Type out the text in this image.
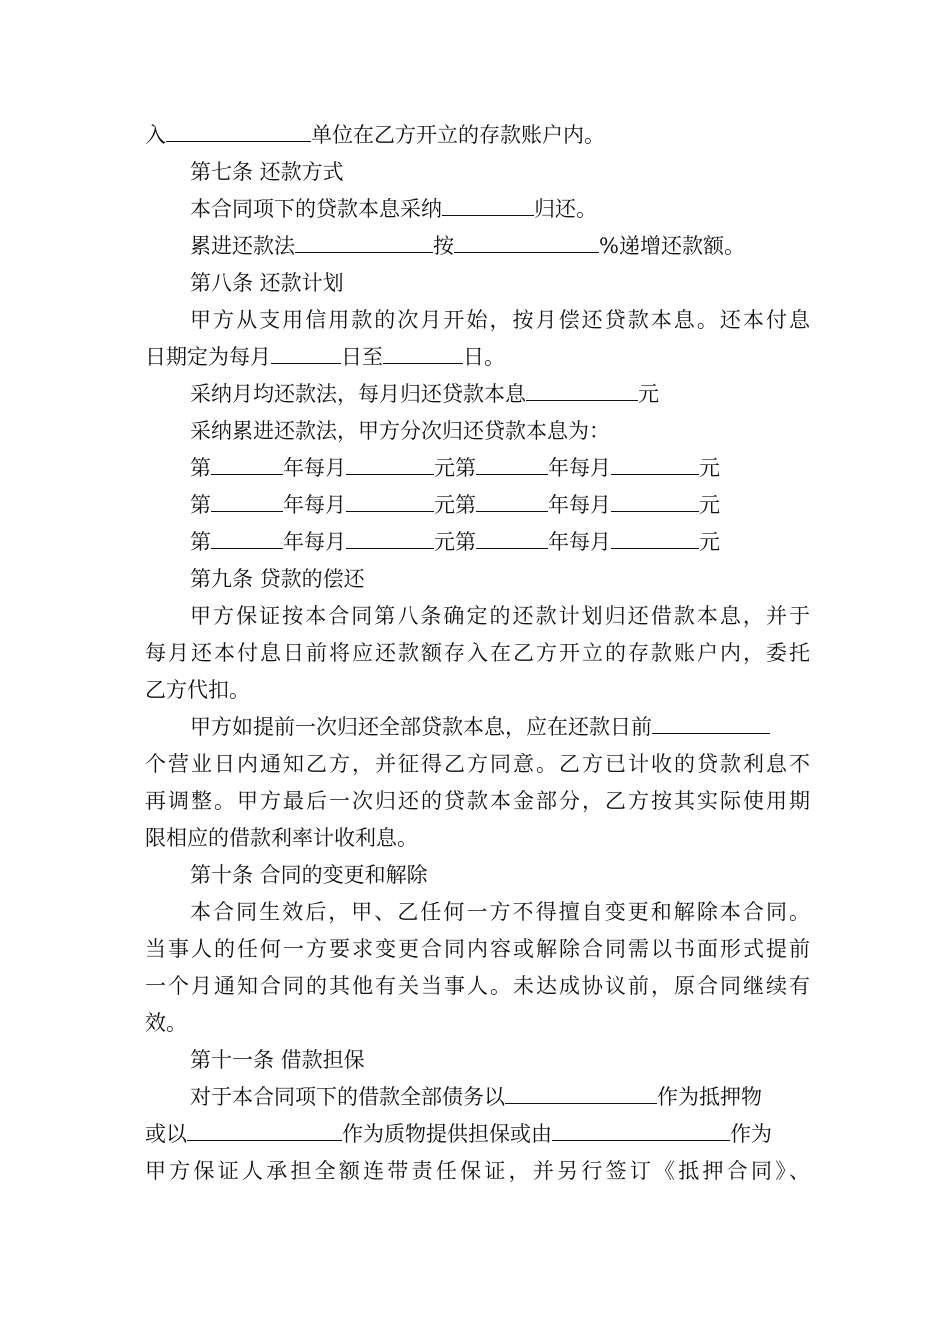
入	单位在乙方开立的存款账户内。
第七条 还款方式
本合同项下的贷款本息采纳	归还。
累进还款法	按	%递增还款额。
第八条 还款计划
甲方从支用信用款的次月开始，按月偿还贷款本息。还本付息
日期定为每月	日至	日。
采纳月均还款法，每月归还贷款本息	元
采纳累进还款法，甲方分次归还贷款本息为：
第	年每月	元第	年每月	元
第	年每月	元第	年每月	元
第	年每月	元第	年每月	元
第九条 贷款的偿还
甲方保证按本合同第八条确定的还款计划归还借款本息，并于
每月还本付息日前将应还款额存入在乙方开立的存款账户内，委托
乙方代扣。
甲方如提前一次归还全部贷款本息，应在还款日前
个营业日内通知乙方，并征得乙方同意。乙方已计收的贷款利息不
再调整。甲方最后一次归还的贷款本金部分，乙方按其实际使用期
限相应的借款利率计收利息。
第十条 合同的变更和解除
本合同生效后，甲、乙任何一方不得擅自变更和解除本合同。
当事人的任何一方要求变更合同内容或解除合同需以书面形式提前
一个月通知合同的其他有关当事人。未达成协议前，原合同继续有
效。
第十一条 借款担保
对于本合同项下的借款全部债务以	作为抵押物
或以	作为质物提供担保或由	作为
甲方保证人承担全额连带责任保证，并另行签订《抵押合同》、
